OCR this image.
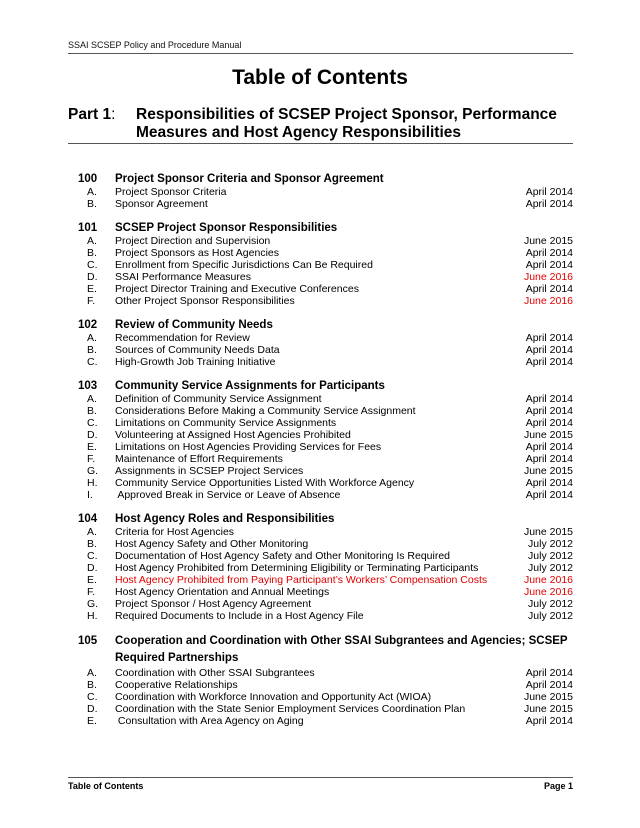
SSAI SCSEP Policy and Procedure Manual
Table of Contents
Part 1:	Responsibilities of SCSEP Project Sponsor, Performance Measures and Host Agency Responsibilities
100	Project Sponsor Criteria and Sponsor Agreement
A.	Project Sponsor Criteria	April 2014
B.	Sponsor Agreement	April 2014
101	SCSEP Project Sponsor Responsibilities
A.	Project Direction and Supervision	June 2015
B.	Project Sponsors as Host Agencies	April 2014
C.	Enrollment from Specific Jurisdictions Can Be Required	April 2014
D.	SSAI Performance Measures	June 2016
E.	Project Director Training and Executive Conferences	April 2014
F.	Other Project Sponsor Responsibilities	June 2016
102	Review of Community Needs
A.	Recommendation for Review	April 2014
B.	Sources of Community Needs Data	April 2014
C.	High-Growth Job Training Initiative	April 2014
103	Community Service Assignments for Participants
A.	Definition of Community Service Assignment	April 2014
B.	Considerations Before Making a Community Service Assignment	April 2014
C.	Limitations on Community Service Assignments	April 2014
D.	Volunteering at Assigned Host Agencies Prohibited	June 2015
E.	Limitations on Host Agencies Providing Services for Fees	April 2014
F.	Maintenance of Effort Requirements	April 2014
G.	Assignments in SCSEP Project Services	June 2015
H.	Community Service Opportunities Listed With Workforce Agency	April 2014
I.	Approved Break in Service or Leave of Absence	April 2014
104	Host Agency Roles and Responsibilities
A.	Criteria for Host Agencies	June 2015
B.	Host Agency Safety and Other Monitoring	July 2012
C.	Documentation of Host Agency Safety and Other Monitoring Is Required	July 2012
D.	Host Agency Prohibited from Determining Eligibility or Terminating Participants	July 2012
E.	Host Agency Prohibited from Paying Participant’s Workers’ Compensation Costs	June 2016
F.	Host Agency Orientation and Annual Meetings	June 2016
G.	Project Sponsor / Host Agency Agreement	July 2012
H.	Required Documents to Include in a Host Agency File	July 2012
105	Cooperation and Coordination with Other SSAI Subgrantees and Agencies; SCSEP Required Partnerships
A.	Coordination with Other SSAI Subgrantees	April 2014
B.	Cooperative Relationships	April 2014
C.	Coordination with Workforce Innovation and Opportunity Act (WIOA)	June 2015
D.	Coordination with the State Senior Employment Services Coordination Plan	June 2015
E.	Consultation with Area Agency on Aging	April 2014
Table of Contents	Page 1
